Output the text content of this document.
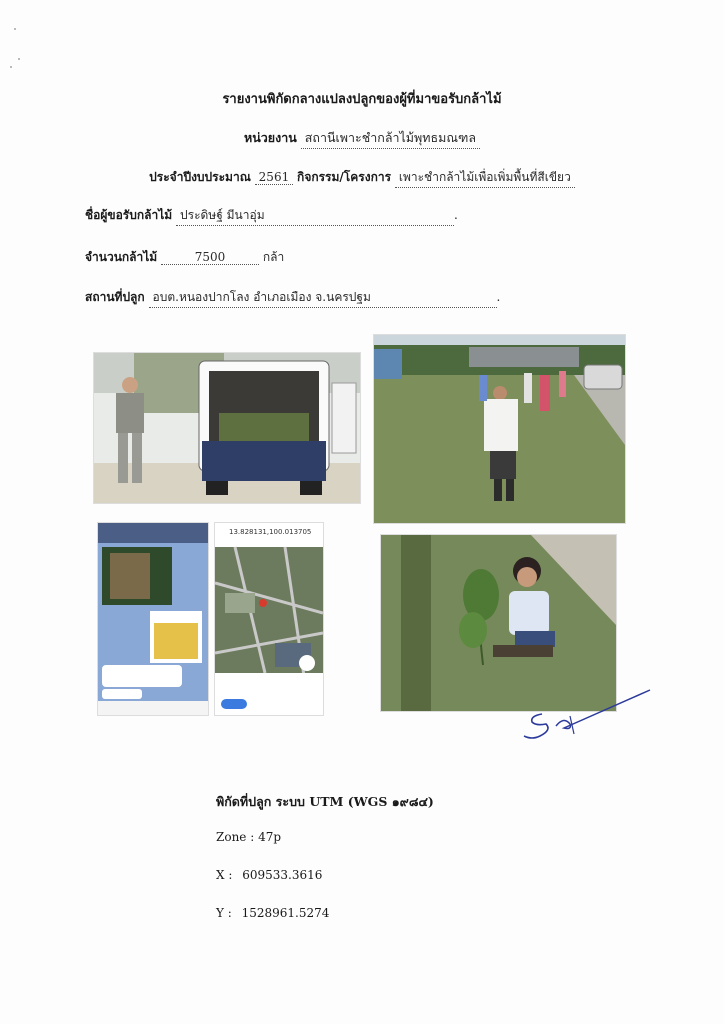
รายงานพิกัดกลางแปลงปลูกของผู้ที่มาขอรับกล้าไม้
หน่วยงาน สถานีเพาะชำกล้าไม้พุทธมณฑล
ประจำปีงบประมาณ 2561 กิจกรรม/โครงการ เพาะชำกล้าไม้เพื่อเพิ่มพื้นที่สีเขียว
ชื่อผู้ขอรับกล้าไม้ ประดิษฐ์ มีนาอุ่ม	.
จำนวนกล้าไม้	7500	กล้า
สถานที่ปลูก อบต.หนองปากโลง อำเภอเมือง จ.นครปฐม	.
13.828131,100.013705
พิกัดที่ปลูก ระบบ UTM (WGS ๑๙๘๔)
Zone : 47p
X : 609533.3616
Y : 1528961.5274
